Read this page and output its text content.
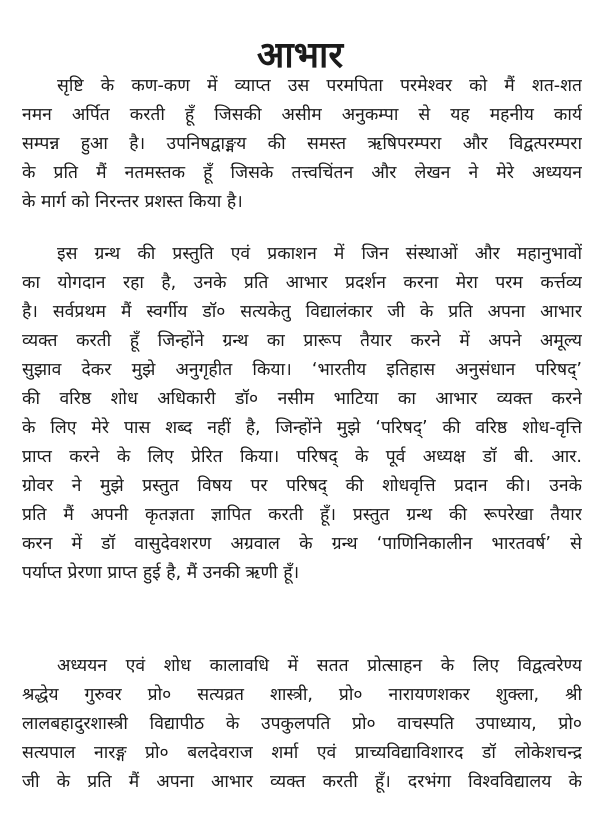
आभार
सृष्टि के कण-कण में व्याप्त उस परमपिता परमेश्वर को मैं शत-शत
नमन अर्पित करती हूँ जिसकी असीम अनुकम्पा से यह महनीय कार्य
सम्पन्न हुआ है। उपनिषद्वाङ्मय की समस्त ऋषिपरम्परा और विद्वत्परम्परा
के प्रति मैं नतमस्तक हूँ जिसके तत्त्वचिंतन और लेखन ने मेरे अध्ययन
के मार्ग को निरन्तर प्रशस्त किया है।
इस ग्रन्थ की प्रस्तुति एवं प्रकाशन में जिन संस्थाओं और महानुभावों
का योगदान रहा है, उनके प्रति आभार प्रदर्शन करना मेरा परम कर्त्तव्य
है। सर्वप्रथम मैं स्वर्गीय डॉ० सत्यकेतु विद्यालंकार जी के प्रति अपना आभार
व्यक्त करती हूँ जिन्होंने ग्रन्थ का प्रारूप तैयार करने में अपने अमूल्य
सुझाव देकर मुझे अनुगृहीत किया। ‘भारतीय इतिहास अनुसंधान परिषद्’
की वरिष्ठ शोध अधिकारी डॉ० नसीम भाटिया का आभार व्यक्त करने
के लिए मेरे पास शब्द नहीं है, जिन्होंने मुझे ‘परिषद्’ की वरिष्ठ शोध-वृत्ति
प्राप्त करने के लिए प्रेरित किया। परिषद् के पूर्व अध्यक्ष डॉ बी. आर.
ग्रोवर ने मुझे प्रस्तुत विषय पर परिषद् की शोधवृत्ति प्रदान की। उनके
प्रति मैं अपनी कृतज्ञता ज्ञापित करती हूँ। प्रस्तुत ग्रन्थ की रूपरेखा तैयार
करन में डॉ वासुदेवशरण अग्रवाल के ग्रन्थ ‘पाणिनिकालीन भारतवर्ष’ से
पर्याप्त प्रेरणा प्राप्त हुई है, मैं उनकी ऋणी हूँ।
अध्ययन एवं शोध कालावधि में सतत प्रोत्साहन के लिए विद्वत्वरेण्य
श्रद्धेय गुरुवर प्रो० सत्यव्रत शास्त्री, प्रो० नारायणशकर शुक्ला, श्री
लालबहादुरशास्त्री विद्यापीठ के उपकुलपति प्रो० वाचस्पति उपाध्याय, प्रो०
सत्यपाल नारङ्ग प्रो० बलदेवराज शर्मा एवं प्राच्यविद्याविशारद डॉ लोकेशचन्द्र
जी के प्रति मैं अपना आभार व्यक्त करती हूँ। दरभंगा विश्वविद्यालय के
